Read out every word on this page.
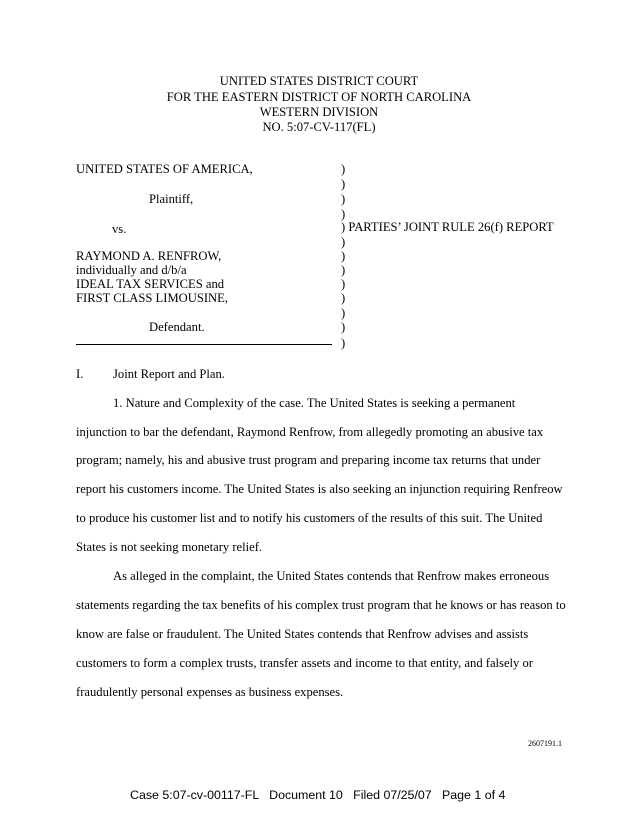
UNITED STATES DISTRICT COURT
FOR THE EASTERN DISTRICT OF NORTH CAROLINA
WESTERN DIVISION
NO. 5:07-CV-117(FL)
UNITED STATES OF AMERICA,
Plaintiff,
vs.
RAYMOND A. RENFROW,
individually and d/b/a
IDEAL TAX SERVICES and
FIRST CLASS LIMOUSINE,
Defendant.
)
)
)
)
) PARTIES’ JOINT RULE 26(f) REPORT
)
)
)
)
)
)
)
)
I. Joint Report and Plan.
1. Nature and Complexity of the case. The United States is seeking a permanent
injunction to bar the defendant, Raymond Renfrow, from allegedly promoting an abusive tax
program; namely, his and abusive trust program and preparing income tax returns that under
report his customers income. The United States is also seeking an injunction requiring Renfreow
to produce his customer list and to notify his customers of the results of this suit. The United
States is not seeking monetary relief.
As alleged in the complaint, the United States contends that Renfrow makes erroneous
statements regarding the tax benefits of his complex trust program that he knows or has reason to
know are false or fraudulent. The United States contends that Renfrow advises and assists
customers to form a complex trusts, transfer assets and income to that entity, and falsely or
fraudulently personal expenses as business expenses.
2607191.1
Case 5:07-cv-00117-FL   Document 10   Filed 07/25/07   Page 1 of 4
